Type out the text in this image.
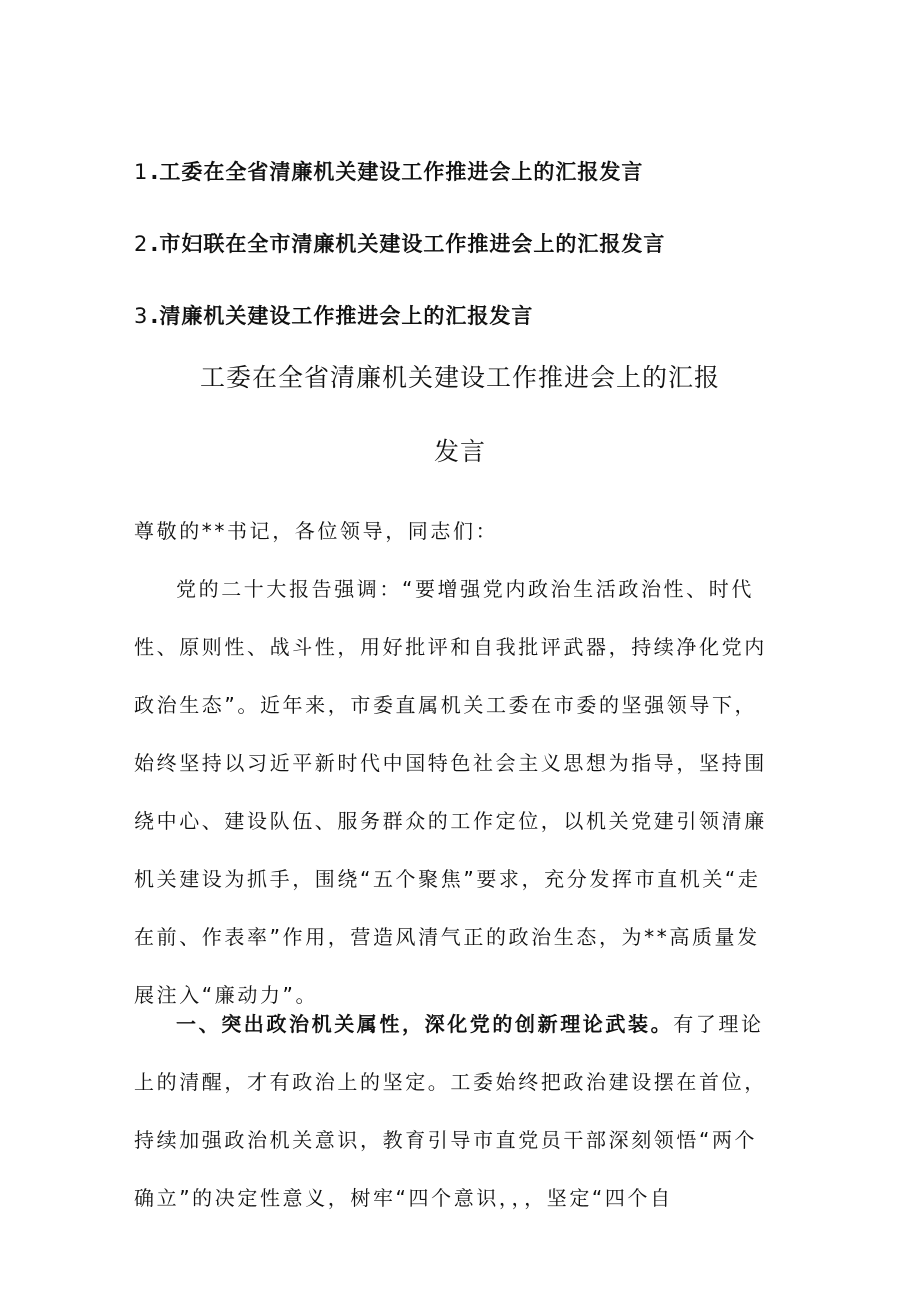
1.工委在全省清廉机关建设工作推进会上的汇报发言
2.市妇联在全市清廉机关建设工作推进会上的汇报发言
3.清廉机关建设工作推进会上的汇报发言
工委在全省清廉机关建设工作推进会上的汇报
发言
尊敬的**书记，各位领导，同志们：
党的二十大报告强调：“要增强党内政治生活政治性、时代
性、原则性、战斗性，用好批评和自我批评武器，持续净化党内
政治生态”。近年来，市委直属机关工委在市委的坚强领导下，
始终坚持以习近平新时代中国特色社会主义思想为指导，坚持围
绕中心、建设队伍、服务群众的工作定位，以机关党建引领清廉
机关建设为抓手，围绕“五个聚焦”要求，充分发挥市直机关“走
在前、作表率”作用，营造风清气正的政治生态，为**高质量发
展注入“廉动力”。
一、突出政治机关属性，深化党的创新理论武装。有了理论
上的清醒，才有政治上的坚定。工委始终把政治建设摆在首位，
持续加强政治机关意识，教育引导市直党员干部深刻领悟“两个
确立”的决定性意义，树牢“四个意识，，，坚定“四个自
